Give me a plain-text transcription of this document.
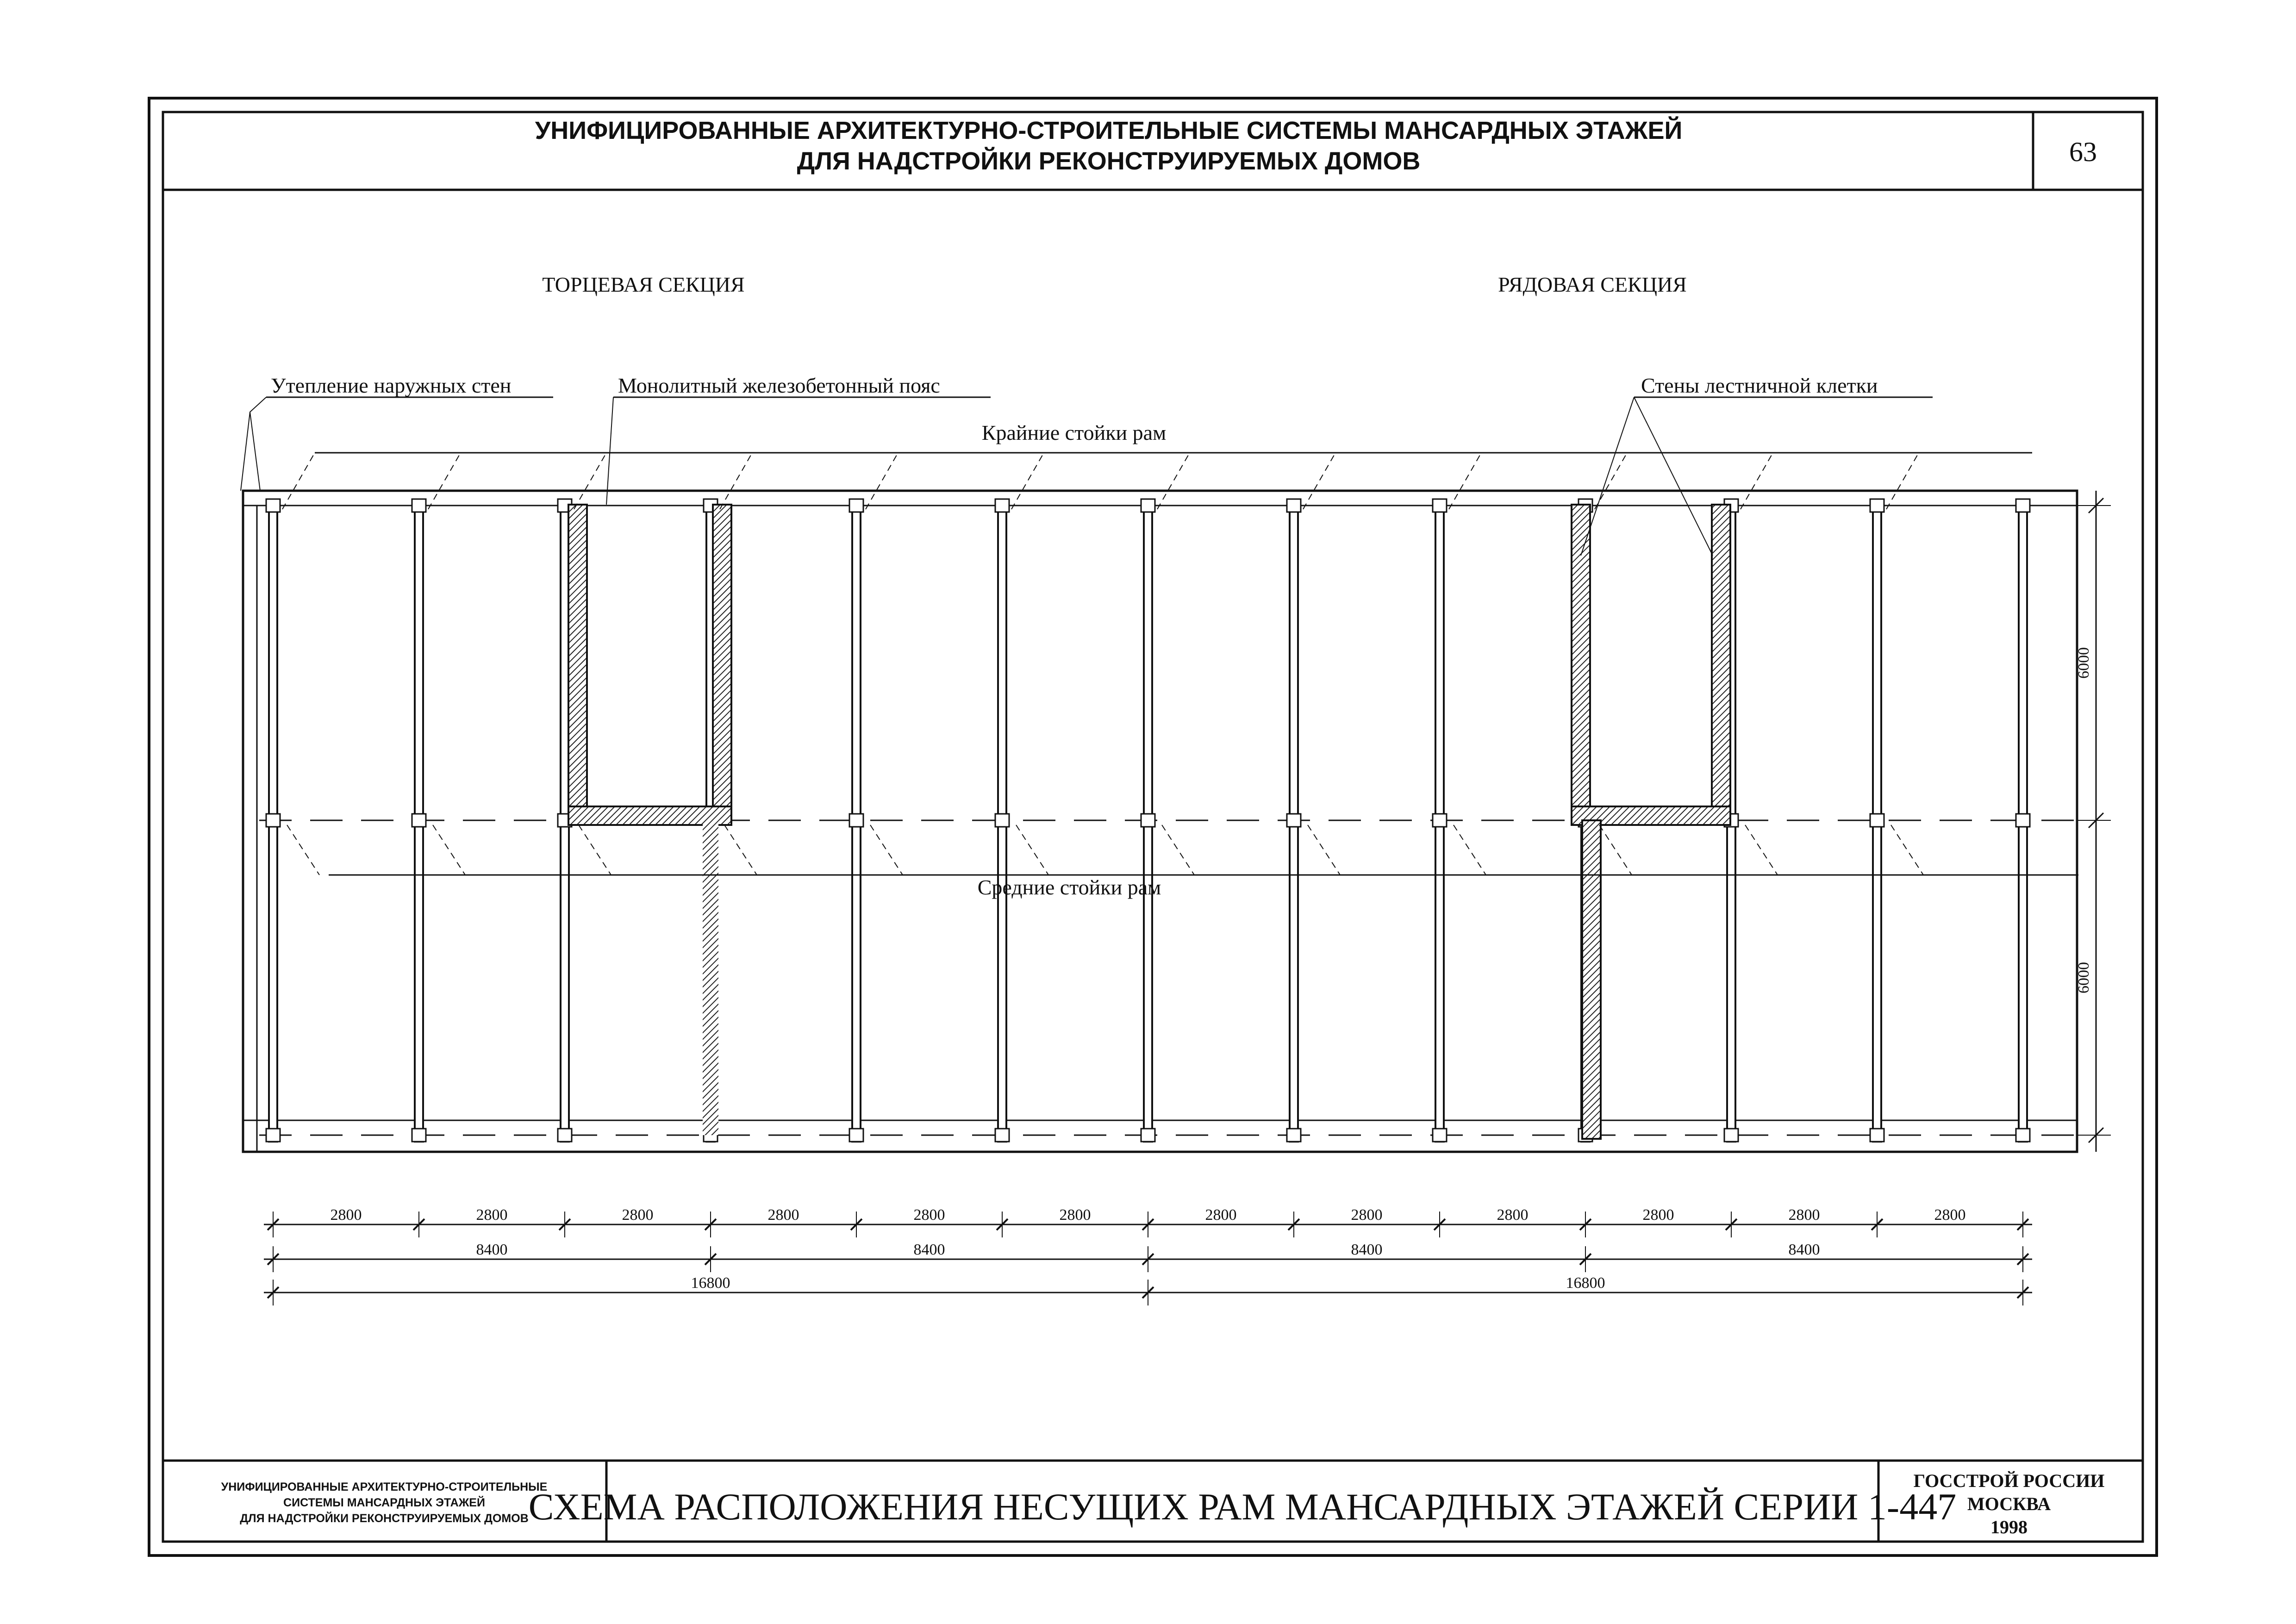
УНИФИЦИРОВАННЫЕ АРХИТЕКТУРНО-СТРОИТЕЛЬНЫЕ СИСТЕМЫ МАНСАРДНЫХ ЭТАЖЕЙ
ДЛЯ НАДСТРОЙКИ РЕКОНСТРУИРУЕМЫХ ДОМОВ	63
ТОРЦЕВАЯ СЕКЦИЯ	РЯДОВАЯ СЕКЦИЯ
Утепление наружных стен	Монолитный железобетонный пояс	Стены лестничной клетки
Крайние стойки рам
Средние стойки рам
2800	2800	2800	2800	2800	2800	2800	2800	2800	2800	2800	2800
8400	8400	8400	8400
16800	16800
6000
6000
УНИФИЦИРОВАННЫЕ АРХИТЕКТУРНО-СТРОИТЕЛЬНЫЕ
СИСТЕМЫ МАНСАРДНЫХ ЭТАЖЕЙ
ДЛЯ НАДСТРОЙКИ РЕКОНСТРУИРУЕМЫХ ДОМОВ СХЕМА РАСПОЛОЖЕНИЯ НЕСУЩИХ РАМ МАНСАРДНЫХ ЭТАЖЕЙ СЕРИИ 1-447
ГОССТРОЙ РОССИИ
МОСКВА
1998
